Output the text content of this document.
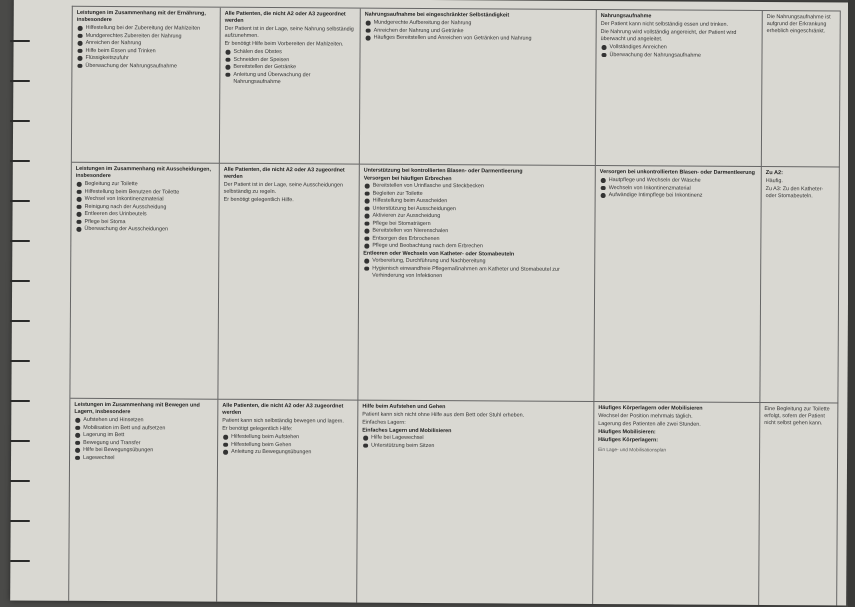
Leistungen im Zusammenhang mit der Ernährung, insbesondere
Hilfestellung bei der Zubereitung der Mahlzeiten
Mundgerechtes Zubereiten der Nahrung
Anreichen der Nahrung
Hilfe beim Essen und Trinken
Flüssigkeitszufuhr
Überwachung der Nahrungsaufnahme
Alle Patienten, die nicht A2 oder A3 zugeordnet werden
Der Patient ist in der Lage, seine Nahrung selbständig aufzunehmen.
Er benötigt Hilfe beim Vorbereiten der Mahlzeiten.
Schälen des Obstes
Schneiden der Speisen
Bereitstellen der Getränke
Anleitung und Überwachung der Nahrungsaufnahme
Nahrungsaufnahme bei eingeschränkter Selbständigkeit
Mundgerechte Aufbereitung der Nahrung
Anreichen der Nahrung und Getränke
Häufiges Bereitstellen und Anreichen von Getränken und Nahrung
Nahrungsaufnahme
Der Patient kann nicht selbständig essen und trinken.
Die Nahrung wird vollständig angereicht, der Patient wird überwacht und angeleitet.
Vollständiges Anreichen
Überwachung der Nahrungsaufnahme
Die Nahrungsaufnahme ist aufgrund der Erkrankung erheblich eingeschränkt.
Leistungen im Zusammenhang mit Ausscheidungen, insbesondere
Begleitung zur Toilette
Hilfestellung beim Benutzen der Toilette
Wechsel von Inkontinenzmaterial
Reinigung nach der Ausscheidung
Entleeren des Urinbeutels
Pflege bei Stoma
Überwachung der Ausscheidungen
Alle Patienten, die nicht A2 oder A3 zugeordnet werden
Der Patient ist in der Lage, seine Ausscheidungen selbständig zu regeln.
Er benötigt gelegentlich Hilfe.
Unterstützung bei kontrollierten Blasen- oder Darmentleerung
Versorgen bei häufigen Erbrechen
Bereitstellen von Urinflasche und Steckbecken
Begleiten zur Toilette
Hilfestellung beim Ausscheiden
Unterstützung bei Ausscheidungen
Aktivieren zur Ausscheidung
Pflege bei Stomaträgern
Bereitstellen von Nierenschalen
Entsorgen des Erbrochenen
Pflege und Beobachtung nach dem Erbrechen
Entleeren oder Wechseln von Katheter- oder Stomabeuteln
Vorbereitung, Durchführung und Nachbereitung
Hygienisch einwandfreie Pflegemaßnahmen am Katheter und Stomabeutel zur Verhinderung von Infektionen
Versorgen bei unkontrollierten Blasen- oder Darmentleerung
Hautpflege und Wechseln der Wäsche
Wechseln von Inkontinenzmaterial
Aufwändige Intimpflege bei Inkontinenz
Zu A2:
Häufig.
Zu A3: Zu den Katheter- oder Stomabeuteln.
Leistungen im Zusammenhang mit Bewegen und Lagern, insbesondere
Aufstehen und Hinsetzen
Mobilisation im Bett und aufsetzen
Lagerung im Bett
Bewegung und Transfer
Hilfe bei Bewegungsübungen
Lagewechsel
Alle Patienten, die nicht A2 oder A3 zugeordnet werden
Patient kann sich selbständig bewegen und lagern.
Er benötigt gelegentlich Hilfe:
Hilfestellung beim Aufstehen
Hilfestellung beim Gehen
Anleitung zu Bewegungsübungen
Hilfe beim Aufstehen und Gehen
Patient kann sich nicht ohne Hilfe aus dem Bett oder Stuhl erheben.
Einfaches Lagern:
Einfaches Lagern und Mobilisieren
Hilfe bei Lagewechsel
Unterstützung beim Sitzen
Häufiges Körperlagern oder Mobilisieren
Wechsel der Position mehrmals täglich.
Lagerung des Patienten alle zwei Stunden.
Häufiges Mobilisieren:
Häufiges Körperlagern:
Ein Lage- und Mobilisationsplan
Eine Begleitung zur Toilette erfolgt, sofern der Patient nicht selbst gehen kann.
